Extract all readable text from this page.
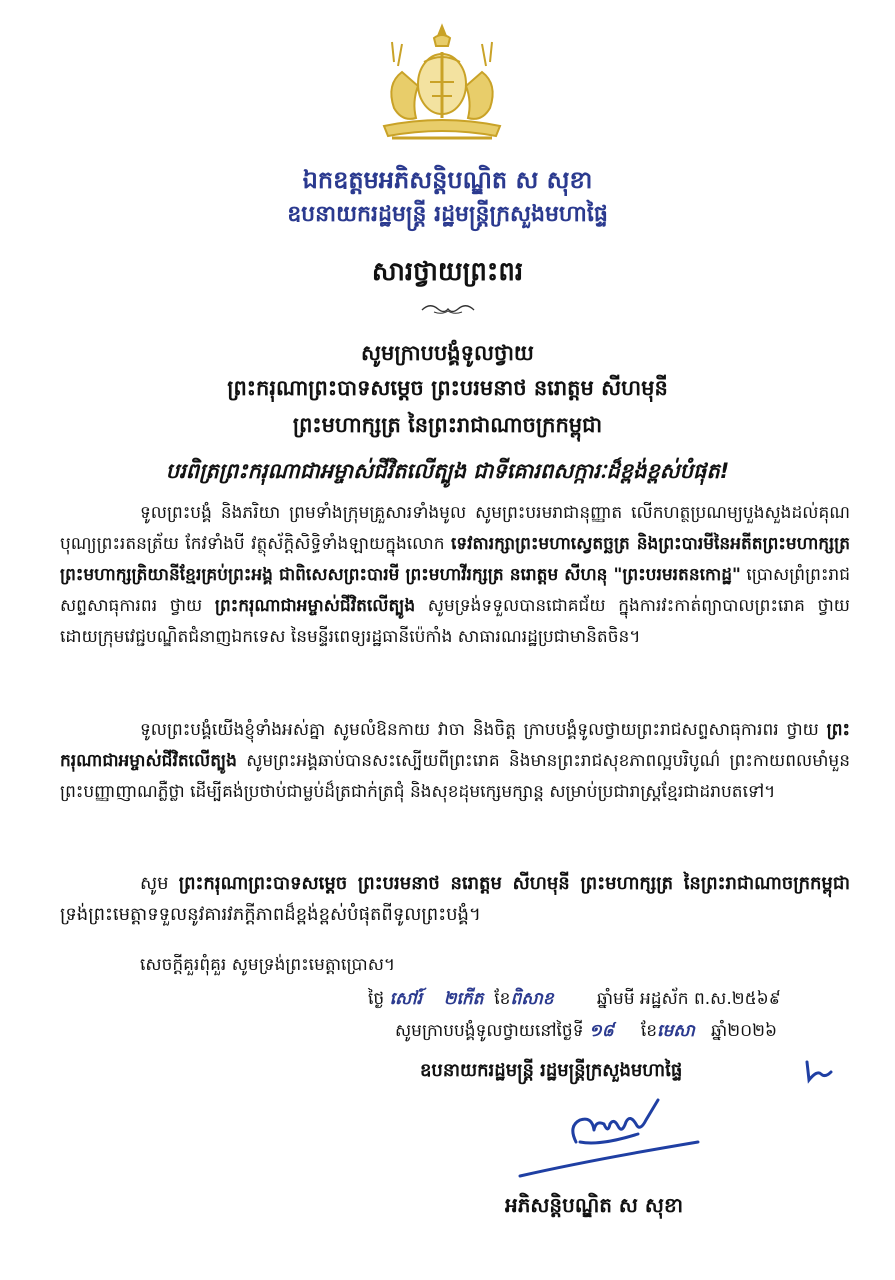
ឯកឧត្តមអភិសន្តិបណ្ឌិត ស សុខា
ឧបនាយករដ្ឋមន្ត្រី រដ្ឋមន្ត្រីក្រសួងមហាផ្ទៃ
សារថ្វាយព្រះពរ
សូមក្រាបបង្គំទូលថ្វាយ
ព្រះករុណាព្រះបាទសម្តេច ព្រះបរមនាថ នរោត្តម សីហមុនី
ព្រះមហាក្សត្រ នៃព្រះរាជាណាចក្រកម្ពុជា
បរពិត្រព្រះករុណាជាអម្ចាស់ជីវិតលើត្បូង ជាទីគោរពសក្ការៈដ៏ខ្ពង់ខ្ពស់បំផុត!
ទូលព្រះបង្គំ និងភរិយា ព្រមទាំងក្រុមគ្រួសារទាំងមូល សូមព្រះបរមរាជានុញ្ញាត លើកហត្ថប្រណម្យបួងសួងដល់គុណបុណ្យព្រះរតនត្រ័យ កែវទាំងបី វត្ថុស័ក្តិសិទ្ធិទាំងឡាយក្នុងលោក ទេវតារក្សាព្រះមហាស្វេតច្ឆត្រ និងព្រះបារមីនៃអតីតព្រះមហាក្សត្រ ព្រះមហាក្សត្រិយានីខ្មែរគ្រប់ព្រះអង្គ ជាពិសេសព្រះបារមី ព្រះមហាវីរក្សត្រ នរោត្តម សីហនុ "ព្រះបរមរតនកោដ្ឋ" ប្រោសព្រំព្រះរាជសព្ទសាធុការពរ ថ្វាយ ព្រះករុណាជាអម្ចាស់ជីវិតលើត្បូង សូមទ្រង់ទទួលបានជោគជ័យ ក្នុងការវះកាត់ព្យាបាលព្រះរោគ ថ្វាយដោយក្រុមវេជ្ជបណ្ឌិតជំនាញឯកទេស នៃមន្ទីរពេទ្យរដ្ឋធានីប៉េកាំង សាធារណរដ្ឋប្រជាមានិតចិន។
ទូលព្រះបង្គំយើងខ្ញុំទាំងអស់គ្នា សូមលំឱនកាយ វាចា និងចិត្ត ក្រាបបង្គំទូលថ្វាយព្រះរាជសព្ទសាធុការពរ ថ្វាយ ព្រះករុណាជាអម្ចាស់ជីវិតលើត្បូង សូមព្រះអង្គឆាប់បានសះស្បើយពីព្រះរោគ និងមានព្រះរាជសុខភាពល្អបរិបូណ៌ ព្រះកាយពលមាំមួន ព្រះបញ្ញាញាណភ្លឺថ្លា ដើម្បីគង់ប្រថាប់ជាម្លប់ដ៏ត្រជាក់ត្រជុំ និងសុខដុមក្សេមក្សាន្ត សម្រាប់ប្រជារាស្ត្រខ្មែរជាដរាបតទៅ។
សូម ព្រះករុណាព្រះបាទសម្តេច ព្រះបរមនាថ នរោត្តម សីហមុនី ព្រះមហាក្សត្រ នៃព្រះរាជាណាចក្រកម្ពុជា ទ្រង់ព្រះមេត្តាទទួលនូវគារវភក្តីភាពដ៏ខ្ពង់ខ្ពស់បំផុតពីទូលព្រះបង្គំ។
សេចក្តីគួរពុំគួរ សូមទ្រង់ព្រះមេត្តាប្រោស។
ថ្ងៃ សៅរ៍ ២កើត ខែពិសាខ	ឆ្នាំមមី អដ្ឋស័ក ព.ស.២៥៦៩
សូមក្រាបបង្គំទូលថ្វាយនៅថ្ងៃទី ១៨ ខែមេសា ឆ្នាំ២០២៦
ឧបនាយករដ្ឋមន្ត្រី រដ្ឋមន្ត្រីក្រសួងមហាផ្ទៃ
អភិសន្តិបណ្ឌិត ស សុខា
